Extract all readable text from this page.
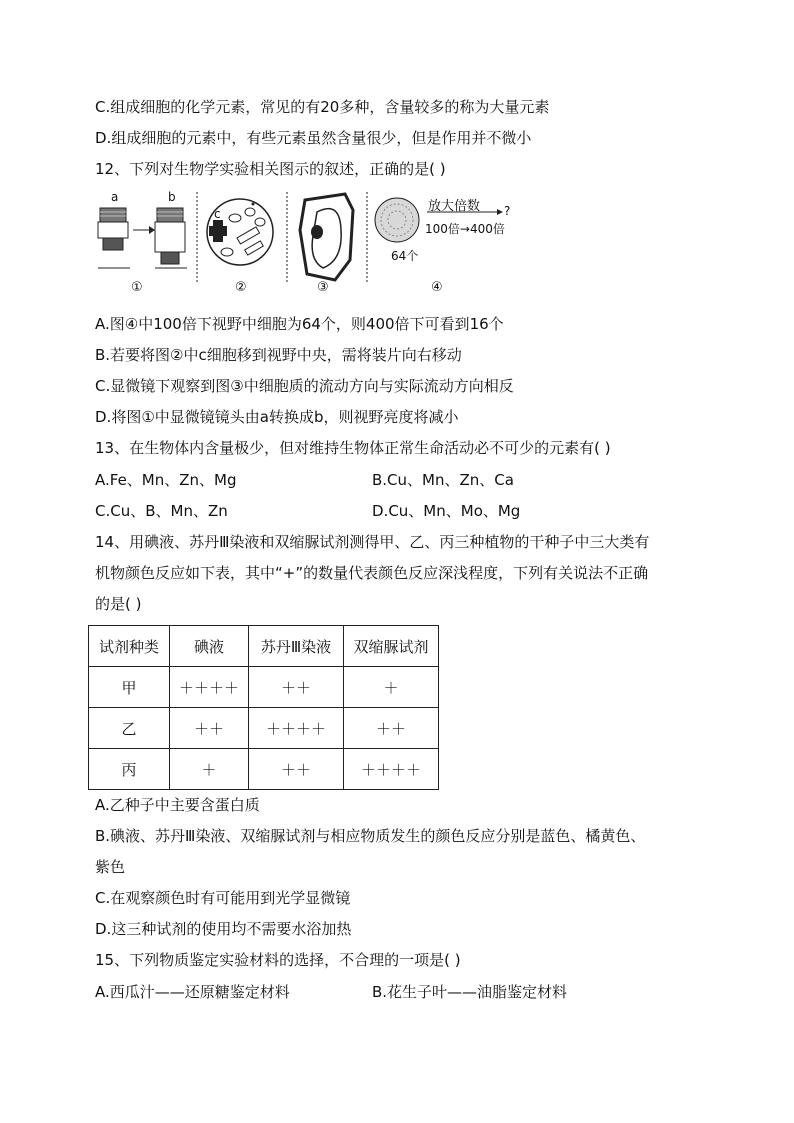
C.组成细胞的化学元素，常见的有20多种，含量较多的称为大量元素
D.组成细胞的元素中，有些元素虽然含量很少，但是作用并不微小
12、下列对生物学实验相关图示的叙述，正确的是( )
a	b
c	放大倍数 ?
100倍→400倍
64个
①	②	③	④
A.图④中100倍下视野中细胞为64个，则400倍下可看到16个
B.若要将图②中c细胞移到视野中央，需将装片向右移动
C.显微镜下观察到图③中细胞质的流动方向与实际流动方向相反
D.将图①中显微镜镜头由a转换成b，则视野亮度将减小
13、在生物体内含量极少，但对维持生物体正常生命活动必不可少的元素有( )
A.Fe、Mn、Zn、Mg	B.Cu、Mn、Zn、Ca
C.Cu、B、Mn、Zn	D.Cu、Mn、Mo、Mg
14、用碘液、苏丹Ⅲ染液和双缩脲试剂测得甲、乙、丙三种植物的干种子中三大类有
机物颜色反应如下表，其中“+”的数量代表颜色反应深浅程度，下列有关说法不正确
的是( )
试剂种类	碘液	苏丹Ⅲ染液	双缩脲试剂
甲	＋＋＋＋	＋＋	＋
乙	＋＋	＋＋＋＋	＋＋
丙	＋	＋＋	＋＋＋＋
A.乙种子中主要含蛋白质
B.碘液、苏丹Ⅲ染液、双缩脲试剂与相应物质发生的颜色反应分别是蓝色、橘黄色、
紫色
C.在观察颜色时有可能用到光学显微镜
D.这三种试剂的使用均不需要水浴加热
15、下列物质鉴定实验材料的选择，不合理的一项是( )
A.西瓜汁——还原糖鉴定材料	B.花生子叶——油脂鉴定材料
